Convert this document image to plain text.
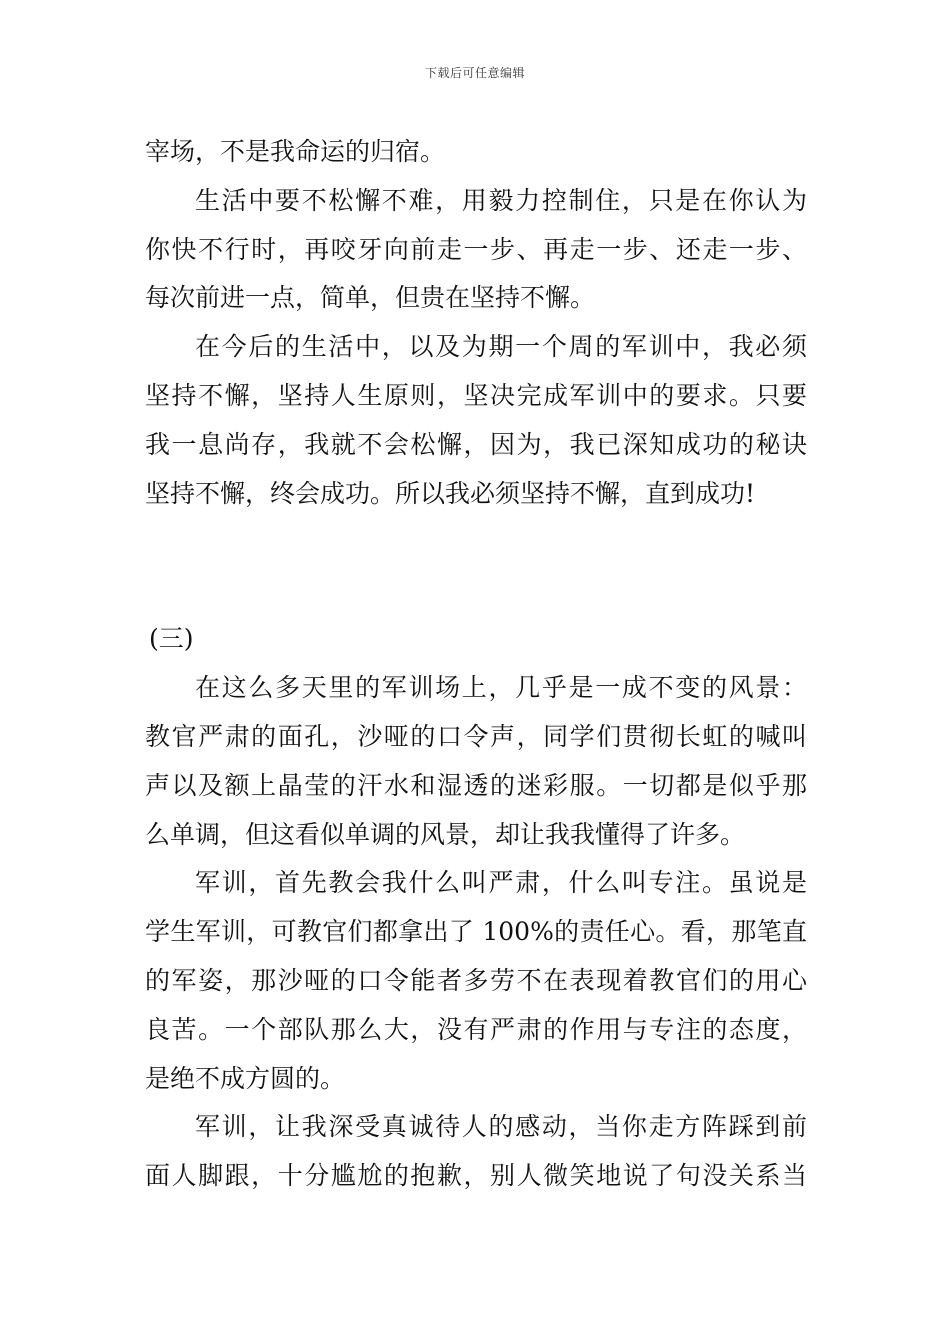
下载后可任意编辑
宰场，不是我命运的归宿。
生活中要不松懈不难，用毅力控制住，只是在你认为
你快不行时，再咬牙向前走一步、再走一步、还走一步、
每次前进一点，简单，但贵在坚持不懈。
在今后的生活中，以及为期一个周的军训中，我必须
坚持不懈，坚持人生原则，坚决完成军训中的要求。只要
我一息尚存，我就不会松懈，因为，我已深知成功的秘诀
坚持不懈，终会成功。所以我必须坚持不懈，直到成功!
(三)
在这么多天里的军训场上，几乎是一成不变的风景：
教官严肃的面孔，沙哑的口令声，同学们贯彻长虹的喊叫
声以及额上晶莹的汗水和湿透的迷彩服。一切都是似乎那
么单调，但这看似单调的风景，却让我我懂得了许多。
军训，首先教会我什么叫严肃，什么叫专注。虽说是
学生军训，可教官们都拿出了 100%的责任心。看，那笔直
的军姿，那沙哑的口令能者多劳不在表现着教官们的用心
良苦。一个部队那么大，没有严肃的作用与专注的态度，
是绝不成方圆的。
军训，让我深受真诚待人的感动，当你走方阵踩到前
面人脚跟，十分尴尬的抱歉，别人微笑地说了句没关系当
